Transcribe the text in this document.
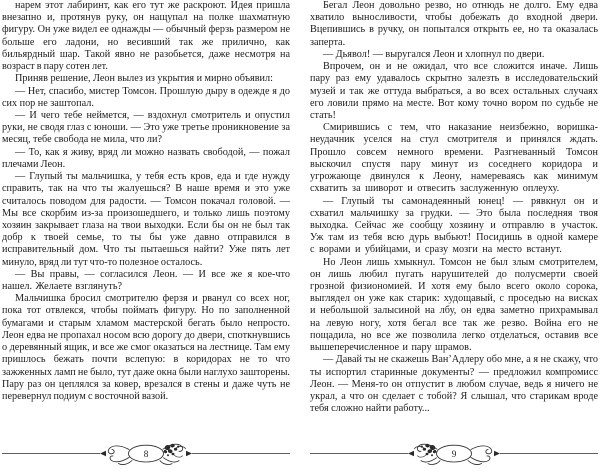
нарем этот лабиринт, как его тут же раскроют. Идея пришла внезапно и, протянув руку, он нащупал на полке шахматную фигуру. Он уже видел ее однажды — обычный ферзь размером не больше его ладони, но весивший так же прилично, как бильярдный шар. Такой явно не разобьется, даже несмотря на возраст в пару сотен лет.

Приняв решение, Леон вылез из укрытия и мирно объявил:

— Нет, спасибо, мистер Томсон. Прошлую дыру в одежде я до сих пор не заштопал.

— И чего тебе неймется, — вздохнул смотритель и опустил руки, не сводя глаз с юноши. — Это уже третье проникновение за месяц, тебе свобода не мила, что ли?

— То, как я живу, вряд ли можно назвать свободой, — пожал плечами Леон.

— Глупый ты мальчишка, у тебя есть кров, еда и где нужду справить, так на что ты жалуешься? В наше время и это уже считалось поводом для радости. — Томсон покачал головой. — Мы все скорбим из-за произошедшего, и только лишь поэтому хозяин закрывает глаза на твои выходки. Если бы он не был так добр к твоей семье, то ты бы уже давно отправился в исправительный дом. Что ты пытаешься найти? Уже пять лет минуло, вряд ли тут что-то полезное осталось.

— Вы правы, — согласился Леон. — И все же я кое-что нашел. Желаете взглянуть?

Мальчишка бросил смотрителю ферзя и рванул со всех ног, пока тот отвлекся, чтобы поймать фигуру. Но по заполненной бумагами и старым хламом мастерской бегать было непросто. Леон едва не пропахал носом всю дорогу до двери, споткнувшись о деревянный ящик, и все же смог оказаться на лестнице. Там ему пришлось бежать почти вслепую: в коридорах не то что зажженных ламп не было, тут даже окна были наглухо зашторены. Пару раз он цеплялся за ковер, врезался в стены и даже чуть не перевернул подиум с восточной вазой.

8

Бегал Леон довольно резво, но отнюдь не долго. Ему едва хватило выносливости, чтобы добежать до входной двери. Вцепившись в ручку, он попытался открыть ее, но та оказалась заперта.

— Дьявол! — выругался Леон и хлопнул по двери.

Впрочем, он и не ожидал, что все сложится иначе. Лишь пару раз ему удавалось скрытно залезть в исследовательский музей и так же оттуда выбраться, а во всех остальных случаях его ловили прямо на месте. Вот кому точно вором по судьбе не стать!

Смирившись с тем, что наказание неизбежно, воришка-неудачник уселся на стул смотрителя и принялся ждать. Прошло совсем немного времени. Разгневанный Томсон выскочил спустя пару минут из соседнего коридора и угрожающе двинулся к Леону, намереваясь как минимум схватить за шиворот и отвесить заслуженную оплеуху.

— Глупый ты самонадеянный юнец! — рявкнул он и схватил мальчишку за грудки. — Это была последняя твоя выходка. Сейчас же сообщу хозяину и отправлю в участок. Уж там из тебя всю дурь выбьют! Посидишь в одной камере с ворами и убийцами, и сразу мозги на место встанут.

Но Леон лишь хмыкнул. Томсон не был злым смотрителем, он лишь любил пугать нарушителей до полусмерти своей грозной физиономией. И хотя ему было всего около сорока, выглядел он уже как старик: худощавый, с проседью на висках и небольшой залысиной на лбу, он едва заметно прихрамывал на левую ногу, хотя бегал все так же резво. Война его не пощадила, но все же позволила легко отделаться, оставив все вышеперечисленное и пару шрамов.

— Давай ты не скажешь Ван’Адлеру обо мне, а я не скажу, что ты испортил старинные документы? — предложил компромисс Леон. — Меня-то он отпустит в любом случае, ведь я ничего не украл, а что он сделает с тобой? Я слышал, что старикам вроде тебя сложно найти работу...

9
